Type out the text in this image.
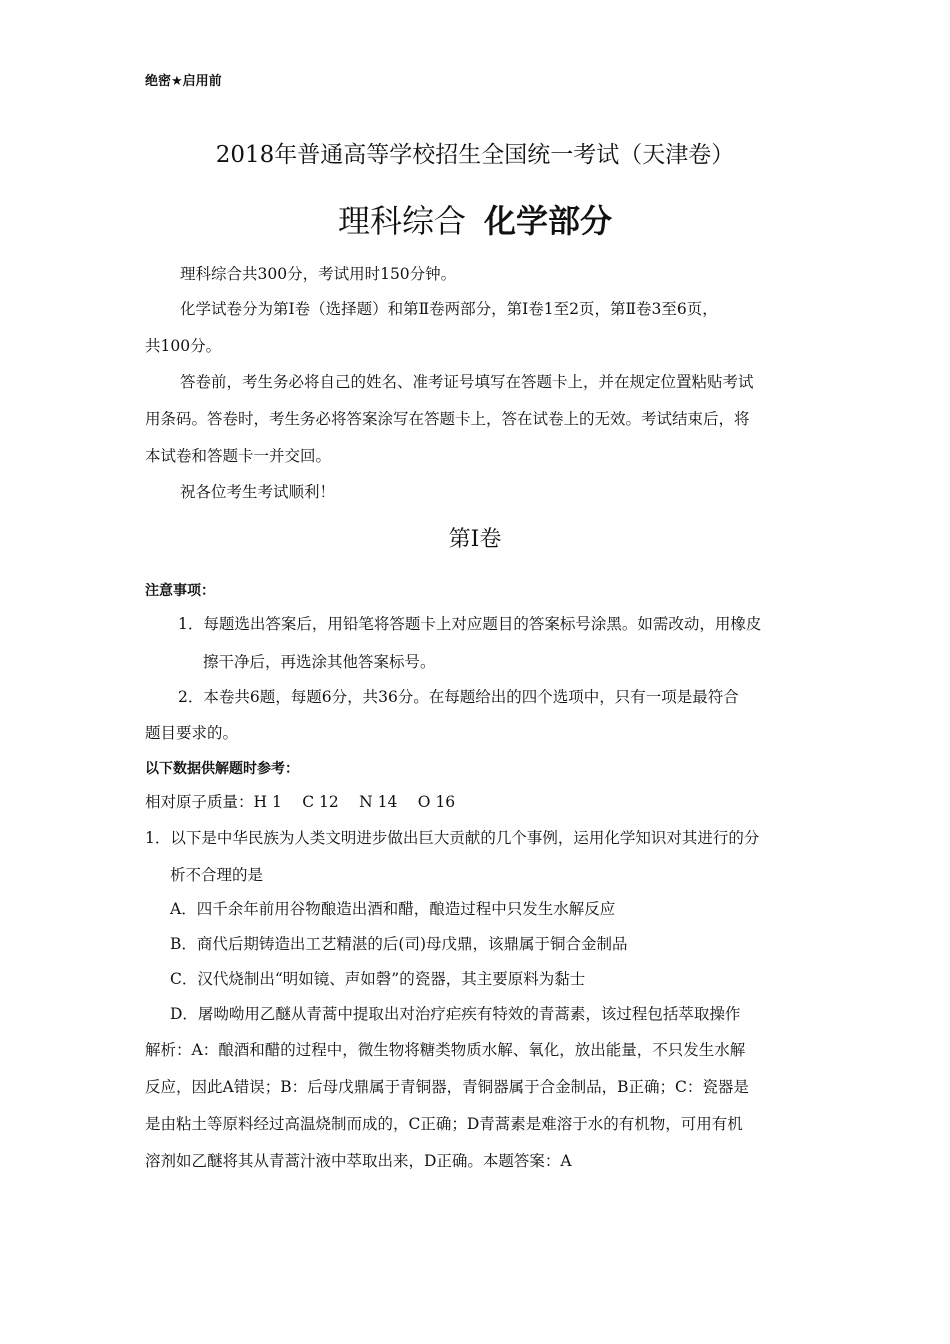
绝密★启用前
2018年普通高等学校招生全国统一考试（天津卷）
理科综合 化学部分
理科综合共300分，考试用时150分钟。
化学试卷分为第Ⅰ卷（选择题）和第Ⅱ卷两部分，第Ⅰ卷1至2页，第Ⅱ卷3至6页，
共100分。
答卷前，考生务必将自己的姓名、准考证号填写在答题卡上，并在规定位置粘贴考试
用条码。答卷时，考生务必将答案涂写在答题卡上，答在试卷上的无效。考试结束后，将
本试卷和答题卡一并交回。
祝各位考生考试顺利！
第Ⅰ卷
注意事项：
1．每题选出答案后，用铅笔将答题卡上对应题目的答案标号涂黑。如需改动，用橡皮
擦干净后，再选涂其他答案标号。
2．本卷共6题，每题6分，共36分。在每题给出的四个选项中，只有一项是最符合
题目要求的。
以下数据供解题时参考：
相对原子质量：H 1　 C 12　 N 14　 O 16
1．以下是中华民族为人类文明进步做出巨大贡献的几个事例，运用化学知识对其进行的分
析不合理的是
A．四千余年前用谷物酿造出酒和醋，酿造过程中只发生水解反应
B．商代后期铸造出工艺精湛的后(司)母戊鼎，该鼎属于铜合金制品
C．汉代烧制出“明如镜、声如磬”的瓷器，其主要原料为黏士
D．屠呦呦用乙醚从青蒿中提取出对治疗疟疾有特效的青蒿素，该过程包括萃取操作
解析：A：酿酒和醋的过程中，微生物将糖类物质水解、氧化，放出能量，不只发生水解
反应，因此A错误；B：后母戊鼎属于青铜器，青铜器属于合金制品，B正确；C：瓷器是
是由粘土等原料经过高温烧制而成的，C正确；D青蒿素是难溶于水的有机物，可用有机
溶剂如乙醚将其从青蒿汁液中萃取出来，D正确。本题答案：A
